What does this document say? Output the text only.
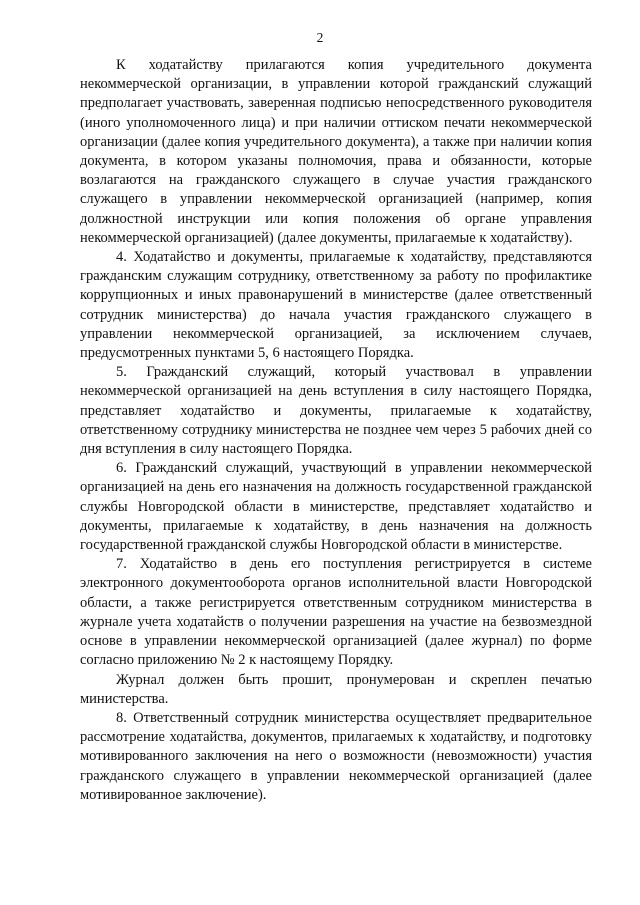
2

К ходатайству прилагаются копия учредительного документа некоммерческой организации, в управлении которой гражданский служащий предполагает участвовать, заверенная подписью непосредственного руководителя (иного уполномоченного лица) и при наличии оттиском печати некоммерческой организации (далее копия учредительного документа), а также при наличии копия документа, в котором указаны полномочия, права и обязанности, которые возлагаются на гражданского служащего в случае участия гражданского служащего в управлении некоммерческой организацией (например, копия должностной инструкции или копия положения об органе управления некоммерческой организацией) (далее документы, прилагаемые к ходатайству).

4. Ходатайство и документы, прилагаемые к ходатайству, представляются гражданским служащим сотруднику, ответственному за работу по профилактике коррупционных и иных правонарушений в министерстве (далее ответственный сотрудник министерства) до начала участия гражданского служащего в управлении некоммерческой организацией, за исключением случаев, предусмотренных пунктами 5, 6 настоящего Порядка.

5. Гражданский служащий, который участвовал в управлении некоммерческой организацией на день вступления в силу настоящего Порядка, представляет ходатайство и документы, прилагаемые к ходатайству, ответственному сотруднику министерства не позднее чем через 5 рабочих дней со дня вступления в силу настоящего Порядка.

6. Гражданский служащий, участвующий в управлении некоммерческой организацией на день его назначения на должность государственной гражданской службы Новгородской области в министерстве, представляет ходатайство и документы, прилагаемые к ходатайству, в день назначения на должность государственной гражданской службы Новгородской области в министерстве.

7. Ходатайство в день его поступления регистрируется в системе электронного документооборота органов исполнительной власти Новгородской области, а также регистрируется ответственным сотрудником министерства в журнале учета ходатайств о получении разрешения на участие на безвозмездной основе в управлении некоммерческой организацией (далее журнал) по форме согласно приложению № 2 к настоящему Порядку.

Журнал должен быть прошит, пронумерован и скреплен печатью министерства.

8. Ответственный сотрудник министерства осуществляет предварительное рассмотрение ходатайства, документов, прилагаемых к ходатайству, и подготовку мотивированного заключения на него о возможности (невозможности) участия гражданского служащего в управлении некоммерческой организацией (далее мотивированное заключение).
